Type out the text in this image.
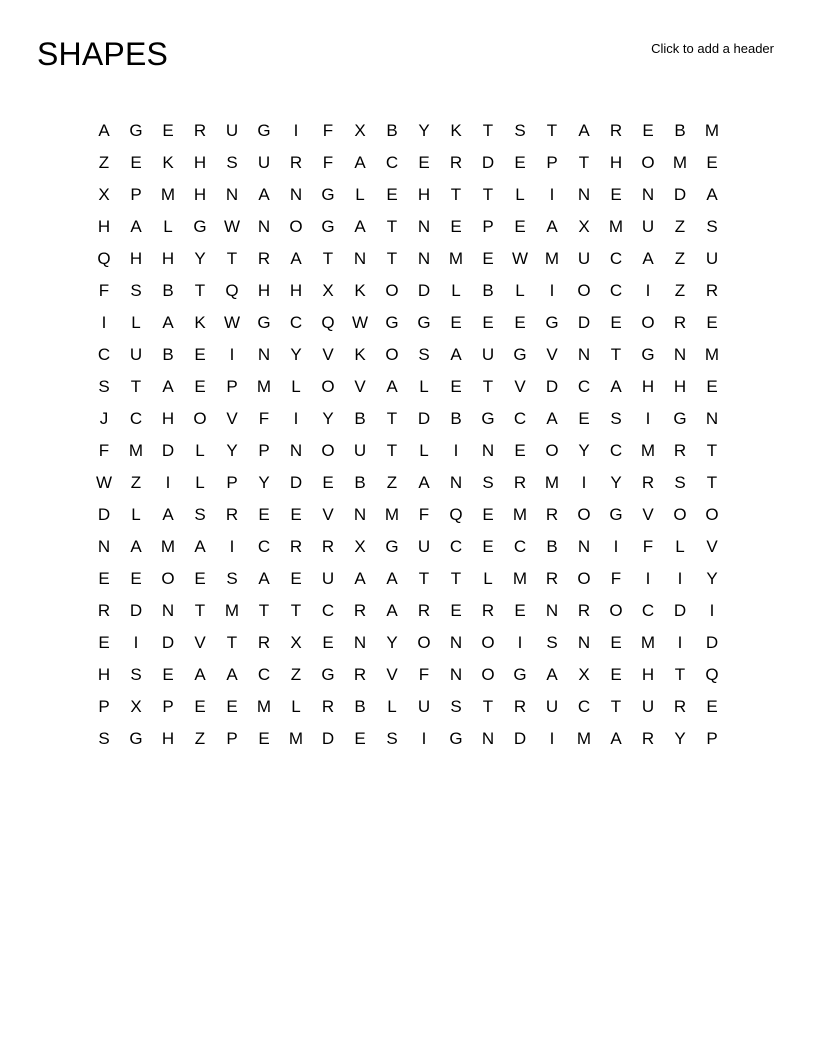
SHAPES	Click to add a header
A	G	E	R	U	G	I	F	X	B	Y	K	T	S	T	A	R	E	B	M
Z	E	K	H	S	U	R	F	A	C	E	R	D	E	P	T	H	O	M	E
X	P	M	H	N	A	N	G	L	E	H	T	T	L	I	N	E	N	D	A
H	A	L	G	W	N	O	G	A	T	N	E	P	E	A	X	M	U	Z	S
Q	H	H	Y	T	R	A	T	N	T	N	M	E	W M	U	C	A	Z	U
F	S	B	T	Q	H	H	X	K	O	D	L	B	L	I	O	C	I	Z	R
I	L	A	K	W	G	C	Q	W	G	G	E	E	E	G	D	E	O	R	E
C	U	B	E	I	N	Y	V	K	O	S	A	U	G	V	N	T	G	N	M
S	T	A	E	P	M	L	O	V	A	L	E	T	V	D	C	A	H	H	E
J	C	H	O	V	F	I	Y	B	T	D	B	G	C	A	E	S	I	G	N
F	M	D	L	Y	P	N	O	U	T	L	I	N	E	O	Y	C	M	R	T
W	Z	I	L	P	Y	D	E	B	Z	A	N	S	R	M	I	Y	R	S	T
D	L	A	S	R	E	E	V	N	M	F	Q	E	M	R	O	G	V	O	O
N	A	M	A	I	C	R	R	X	G	U	C	E	C	B	N	I	F	L	V
E	E	O	E	S	A	E	U	A	A	T	T	L	M	R	O	F	I	I	Y
R	D	N	T	M	T	T	C	R	A	R	E	R	E	N	R	O	C	D	I
E	I	D	V	T	R	X	E	N	Y	O	N	O	I	S	N	E	M	I	D
H	S	E	A	A	C	Z	G	R	V	F	N	O	G	A	X	E	H	T	Q
P	X	P	E	E	M	L	R	B	L	U	S	T	R	U	C	T	U	R	E
S	G	H	Z	P	E	M	D	E	S	I	G	N	D	I	M	A	R	Y	P
